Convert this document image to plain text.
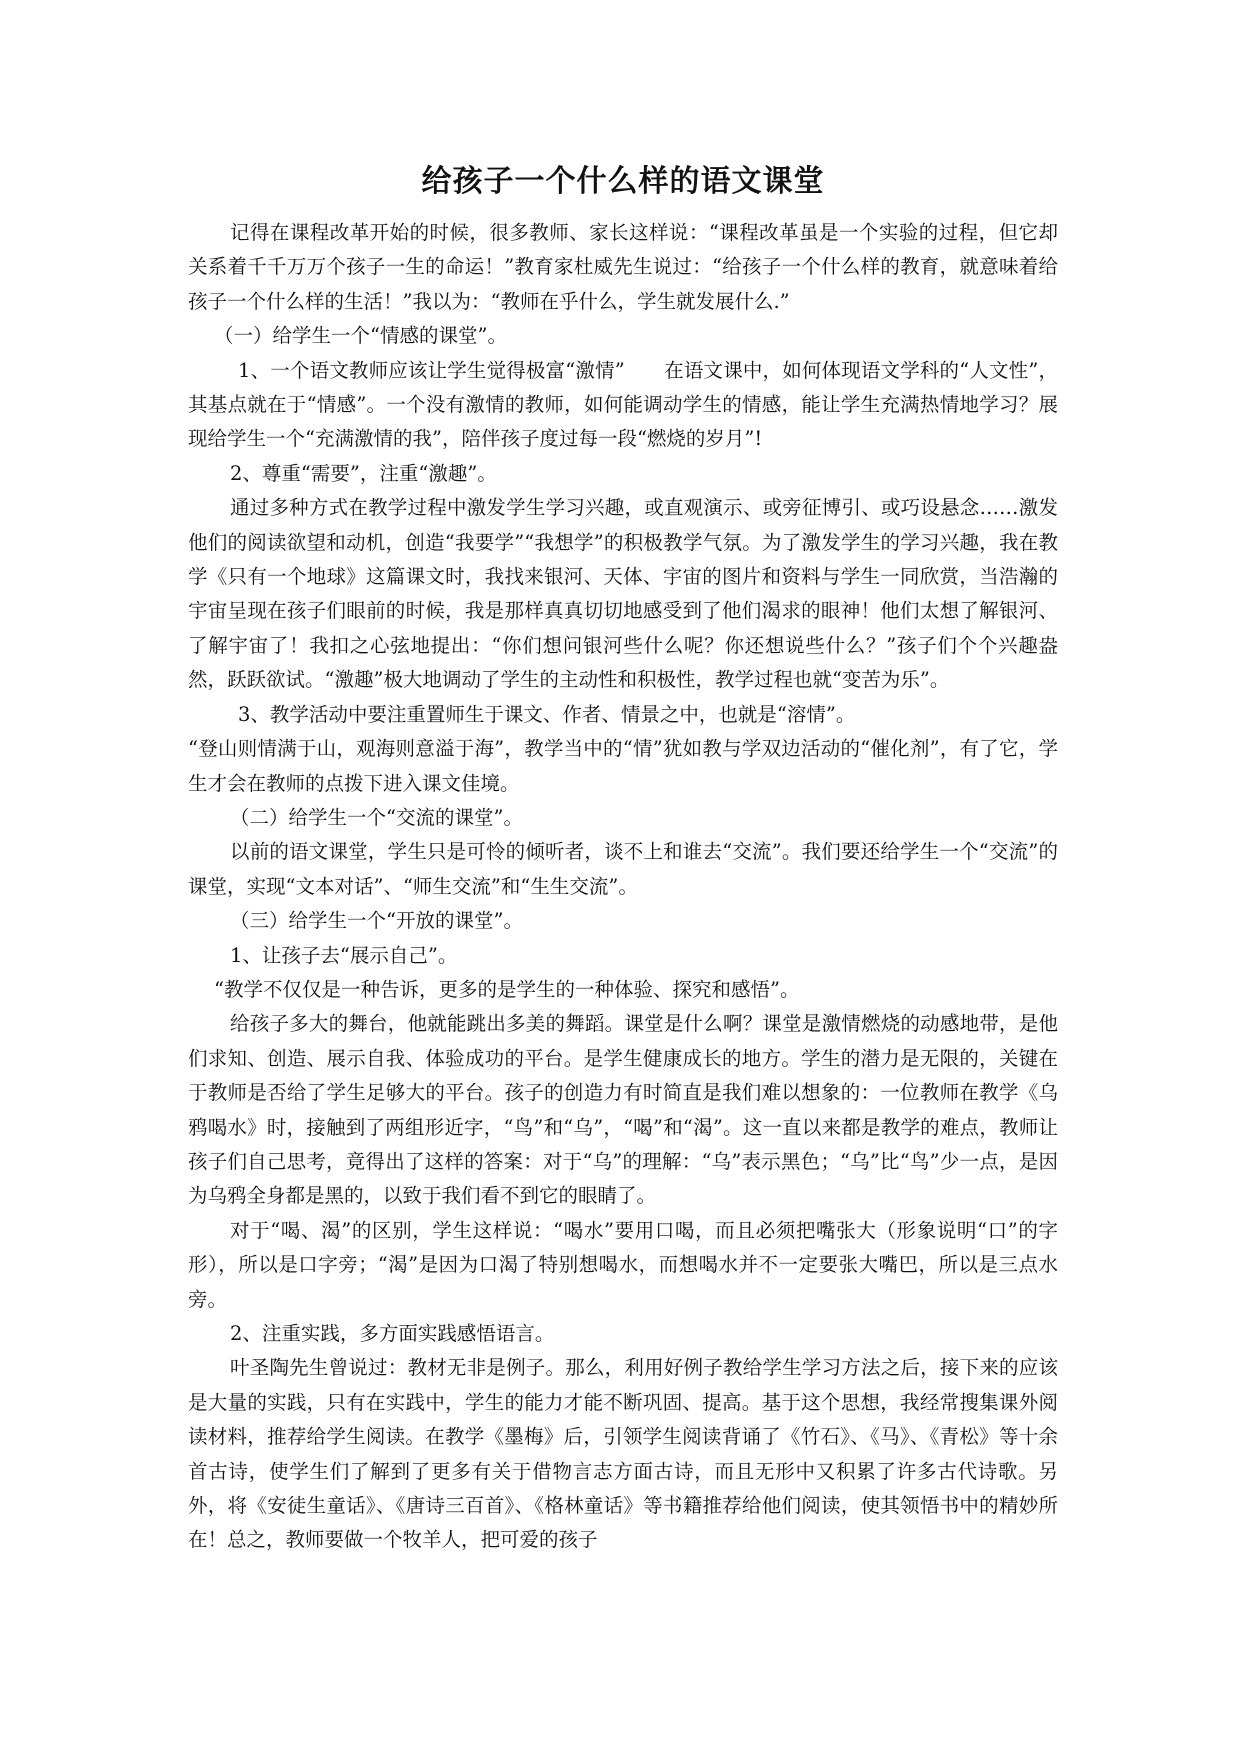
给孩子一个什么样的语文课堂

记得在课程改革开始的时候，很多教师、家长这样说：“课程改革虽是一个实验的过程，但它却关系着千千万万个孩子一生的命运！”教育家杜威先生说过：“给孩子一个什么样的教育，就意味着给孩子一个什么样的生活！”我以为：“教师在乎什么，学生就发展什么.”

（一）给学生一个“情感的课堂”。

1、一个语文教师应该让学生觉得极富“激情”　　在语文课中，如何体现语文学科的“人文性”，其基点就在于“情感”。一个没有激情的教师，如何能调动学生的情感，能让学生充满热情地学习？展现给学生一个“充满激情的我”，陪伴孩子度过每一段“燃烧的岁月”!

2、尊重“需要”，注重“激趣”。

通过多种方式在教学过程中激发学生学习兴趣，或直观演示、或旁征博引、或巧设悬念……激发他们的阅读欲望和动机，创造“我要学”“我想学”的积极教学气氛。为了激发学生的学习兴趣，我在教学《只有一个地球》这篇课文时，我找来银河、天体、宇宙的图片和资料与学生一同欣赏，当浩瀚的宇宙呈现在孩子们眼前的时候，我是那样真真切切地感受到了他们渴求的眼神！他们太想了解银河、了解宇宙了！我扣之心弦地提出：“你们想问银河些什么呢？你还想说些什么？”孩子们个个兴趣盎然，跃跃欲试。“激趣”极大地调动了学生的主动性和积极性，教学过程也就“变苦为乐”。

3、教学活动中要注重置师生于课文、作者、情景之中，也就是“溶情”。

“登山则情满于山，观海则意溢于海”，教学当中的“情”犹如教与学双边活动的“催化剂”，有了它，学生才会在教师的点拨下进入课文佳境。

（二）给学生一个“交流的课堂”。

以前的语文课堂，学生只是可怜的倾听者，谈不上和谁去“交流”。我们要还给学生一个“交流”的课堂，实现“文本对话”、“师生交流”和“生生交流”。

（三）给学生一个“开放的课堂”。

1、让孩子去“展示自己”。

“教学不仅仅是一种告诉，更多的是学生的一种体验、探究和感悟”。

给孩子多大的舞台，他就能跳出多美的舞蹈。课堂是什么啊？课堂是激情燃烧的动感地带，是他们求知、创造、展示自我、体验成功的平台。是学生健康成长的地方。学生的潜力是无限的，关键在于教师是否给了学生足够大的平台。孩子的创造力有时简直是我们难以想象的：一位教师在教学《乌鸦喝水》时，接触到了两组形近字，“鸟”和“乌”，“喝”和“渴”。这一直以来都是教学的难点，教师让孩子们自己思考，竟得出了这样的答案：对于“乌”的理解：“乌”表示黑色；“乌”比“鸟”少一点，是因为乌鸦全身都是黑的，以致于我们看不到它的眼睛了。

对于“喝、渴”的区别，学生这样说：“喝水”要用口喝，而且必须把嘴张大（形象说明“口”的字形），所以是口字旁；“渴”是因为口渴了特别想喝水，而想喝水并不一定要张大嘴巴，所以是三点水旁。

2、注重实践，多方面实践感悟语言。

叶圣陶先生曾说过：教材无非是例子。那么，利用好例子教给学生学习方法之后，接下来的应该是大量的实践，只有在实践中，学生的能力才能不断巩固、提高。基于这个思想，我经常搜集课外阅读材料，推荐给学生阅读。在教学《墨梅》后，引领学生阅读背诵了《竹石》、《马》、《青松》等十余首古诗，使学生们了解到了更多有关于借物言志方面古诗，而且无形中又积累了许多古代诗歌。另外，将《安徒生童话》、《唐诗三百首》、《格林童话》等书籍推荐给他们阅读，使其领悟书中的精妙所在！总之，教师要做一个牧羊人，把可爱的孩子
